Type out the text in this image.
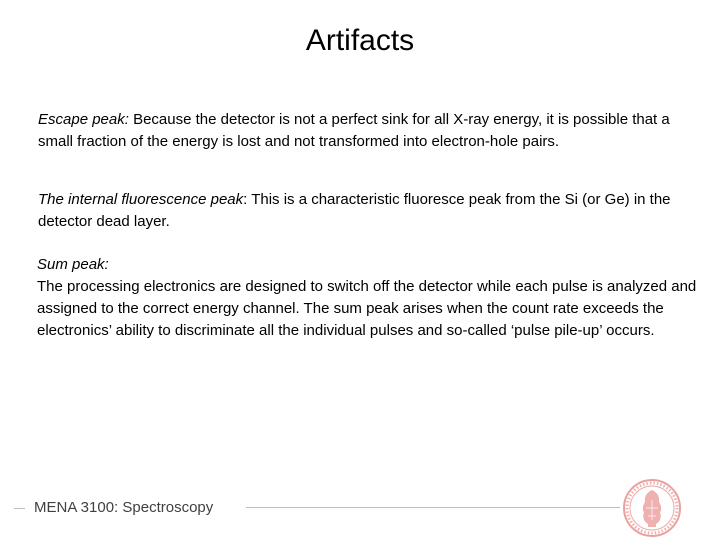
Artifacts
Escape peak: Because the detector is not a perfect sink for all X-ray energy, it is possible that a small fraction of the energy is lost and not transformed into electron-hole pairs.
The internal fluorescence peak: This is a characteristic fluoresce peak from the Si (or Ge) in the detector dead layer.
Sum peak:
The processing electronics are designed to switch off the detector while each pulse is analyzed and assigned to the correct energy channel. The sum peak arises when the count rate exceeds the electronics’ ability to discriminate all the individual pulses and so-called ‘pulse pile-up’ occurs.
MENA 3100: Spectroscopy
